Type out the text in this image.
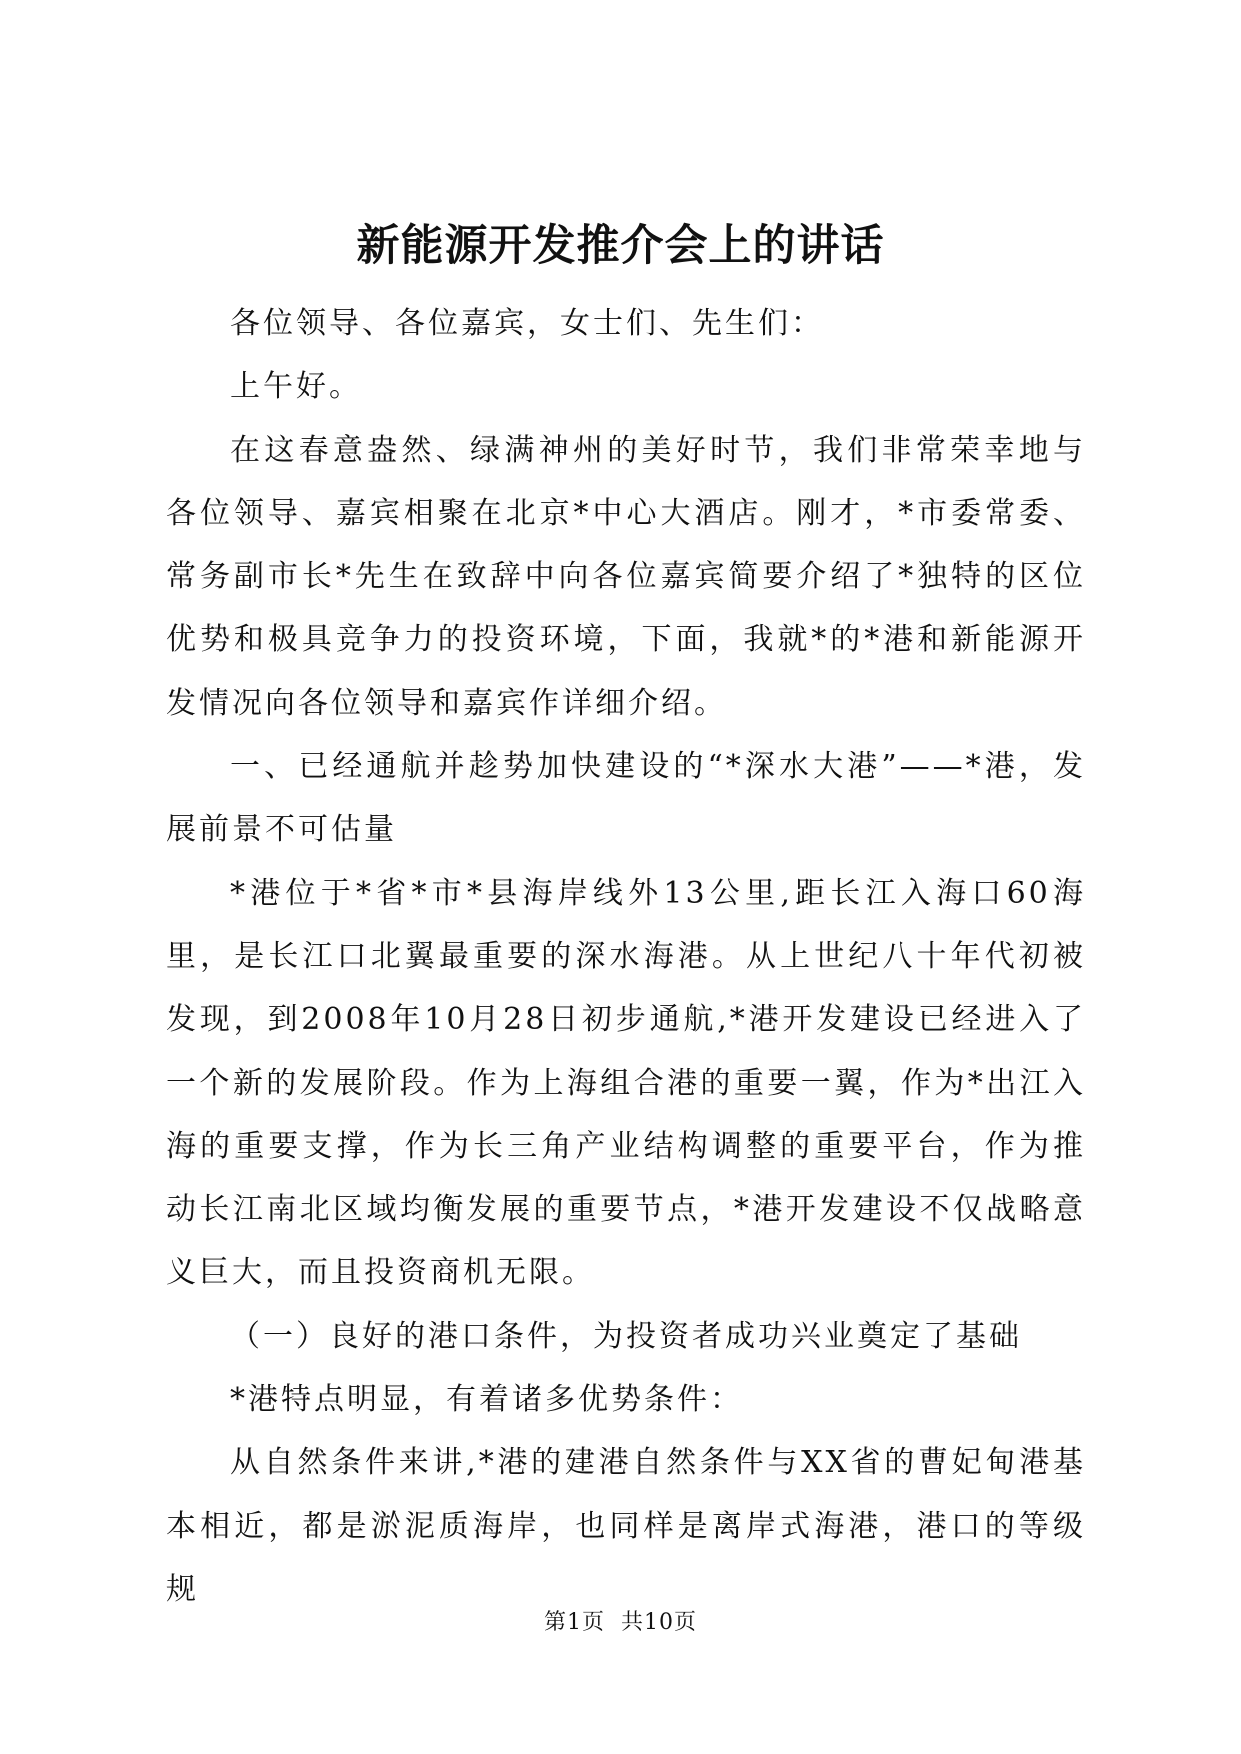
新能源开发推介会上的讲话

各位领导、各位嘉宾，女士们、先生们：

上午好。

在这春意盎然、绿满神州的美好时节，我们非常荣幸地与各位领导、嘉宾相聚在北京*中心大酒店。刚才，*市委常委、常务副市长*先生在致辞中向各位嘉宾简要介绍了*独特的区位优势和极具竞争力的投资环境，下面，我就*的*港和新能源开发情况向各位领导和嘉宾作详细介绍。

一、已经通航并趁势加快建设的“*深水大港”——*港，发展前景不可估量

*港位于*省*市*县海岸线外13公里,距长江入海口60海里，是长江口北翼最重要的深水海港。从上世纪八十年代初被发现，到2008年10月28日初步通航,*港开发建设已经进入了一个新的发展阶段。作为上海组合港的重要一翼，作为*出江入海的重要支撑，作为长三角产业结构调整的重要平台，作为推动长江南北区域均衡发展的重要节点，*港开发建设不仅战略意义巨大，而且投资商机无限。

（一）良好的港口条件，为投资者成功兴业奠定了基础

*港特点明显，有着诸多优势条件：

从自然条件来讲,*港的建港自然条件与XX省的曹妃甸港基本相近，都是淤泥质海岸，也同样是离岸式海港，港口的等级规

第1页 共10页
